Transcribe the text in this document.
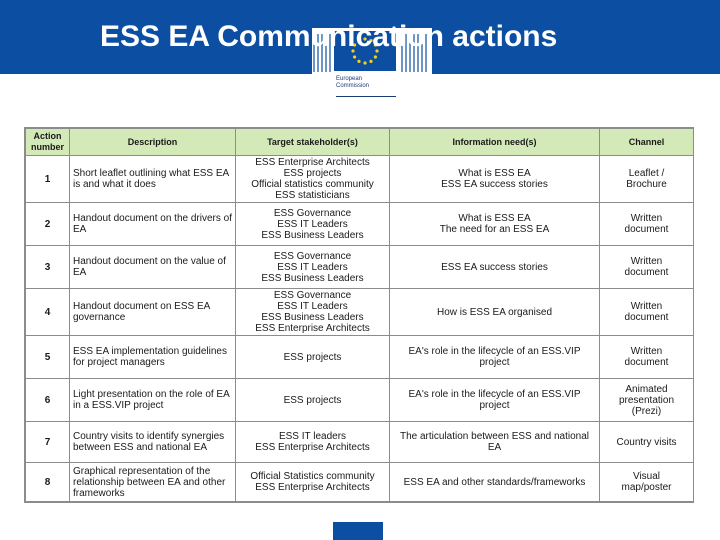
European
Commission
ESS EA Communication actions
Action
number	Description	Target stakeholder(s)	Information need(s)	Channel
1	Short leaflet outlining what ESS EA is and what it does	ESS Enterprise Architects
ESS projects
Official statistics community
ESS statisticians	What is ESS EA
ESS EA success stories	Leaflet /
Brochure
2	Handout document on the drivers of EA	ESS Governance
ESS IT Leaders
ESS Business Leaders	What is ESS EA
The need for an ESS EA	Written
document
3	Handout document on the value of EA	ESS Governance
ESS IT Leaders
ESS Business Leaders	ESS EA success stories	Written
document
4	Handout document on ESS EA governance	ESS Governance
ESS IT Leaders
ESS Business Leaders
ESS Enterprise Architects	How is ESS EA organised	Written
document
5	ESS EA implementation guidelines for project managers	ESS projects	EA's role in the lifecycle of an ESS.VIP project	Written
document
6	Light presentation on the role of EA in a ESS.VIP project	ESS projects	EA's role in the lifecycle of an ESS.VIP project	Animated
presentation
(Prezi)
7	Country visits to identify synergies between ESS and national EA	ESS IT leaders
ESS Enterprise Architects	The articulation between ESS and national EA	Country visits
8	Graphical representation of the relationship between EA and other frameworks	Official Statistics community
ESS Enterprise Architects	ESS EA and other standards/frameworks	Visual
map/poster
